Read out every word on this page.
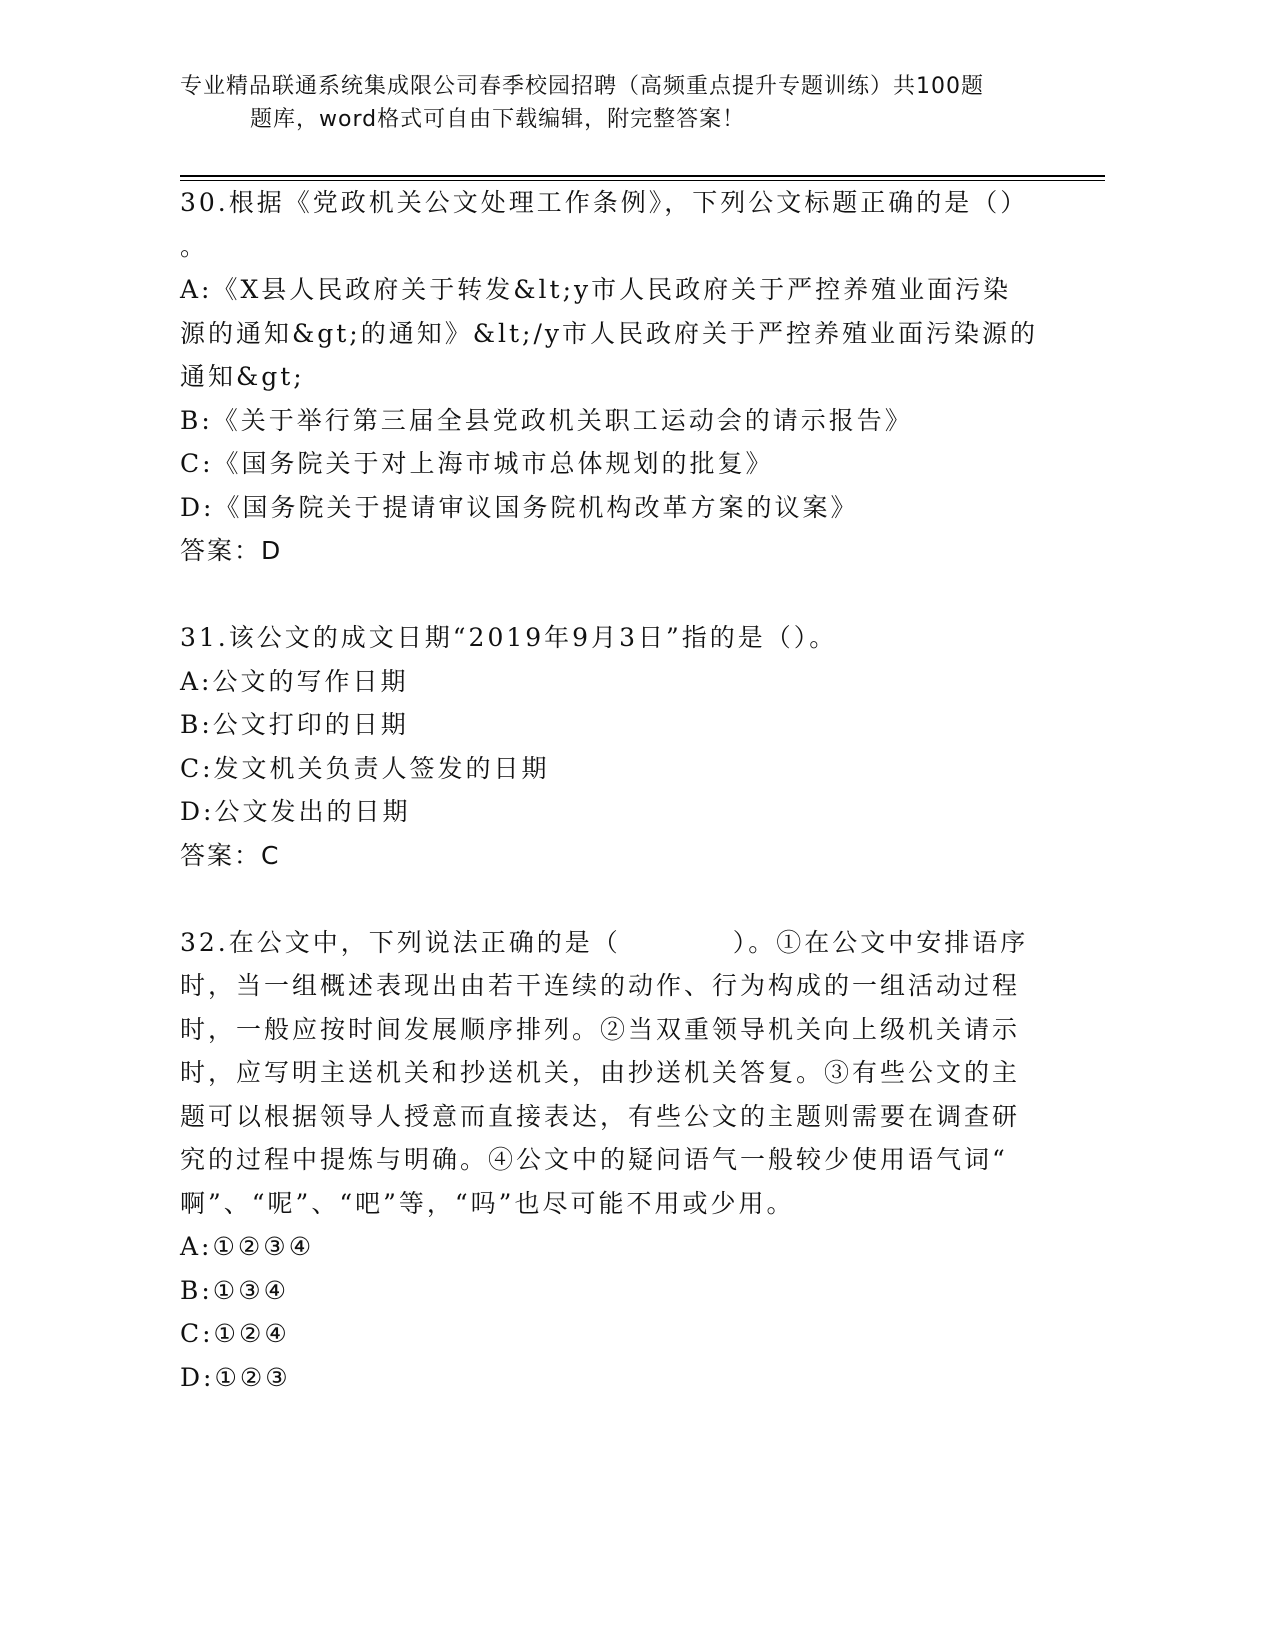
专业精品联通系统集成限公司春季校园招聘（高频重点提升专题训练）共100题
题库，word格式可自由下载编辑，附完整答案！
30.根据《党政机关公文处理工作条例》，下列公文标题正确的是（）
。
A:《X县人民政府关于转发&lt;y市人民政府关于严控养殖业面污染
源的通知&gt;的通知》&lt;/y市人民政府关于严控养殖业面污染源的
通知&gt;
B:《关于举行第三届全县党政机关职工运动会的请示报告》
C:《国务院关于对上海市城市总体规划的批复》
D:《国务院关于提请审议国务院机构改革方案的议案》
答案：D
31.该公文的成文日期“2019年9月3日”指的是（）。
A:公文的写作日期
B:公文打印的日期
C:发文机关负责人签发的日期
D:公文发出的日期
答案：C
32.在公文中，下列说法正确的是（　　　　）。①在公文中安排语序
时，当一组概述表现出由若干连续的动作、行为构成的一组活动过程
时，一般应按时间发展顺序排列。②当双重领导机关向上级机关请示
时，应写明主送机关和抄送机关，由抄送机关答复。③有些公文的主
题可以根据领导人授意而直接表达，有些公文的主题则需要在调查研
究的过程中提炼与明确。④公文中的疑问语气一般较少使用语气词“
啊”、“呢”、“吧”等，“吗”也尽可能不用或少用。
A:①②③④
B:①③④
C:①②④
D:①②③
